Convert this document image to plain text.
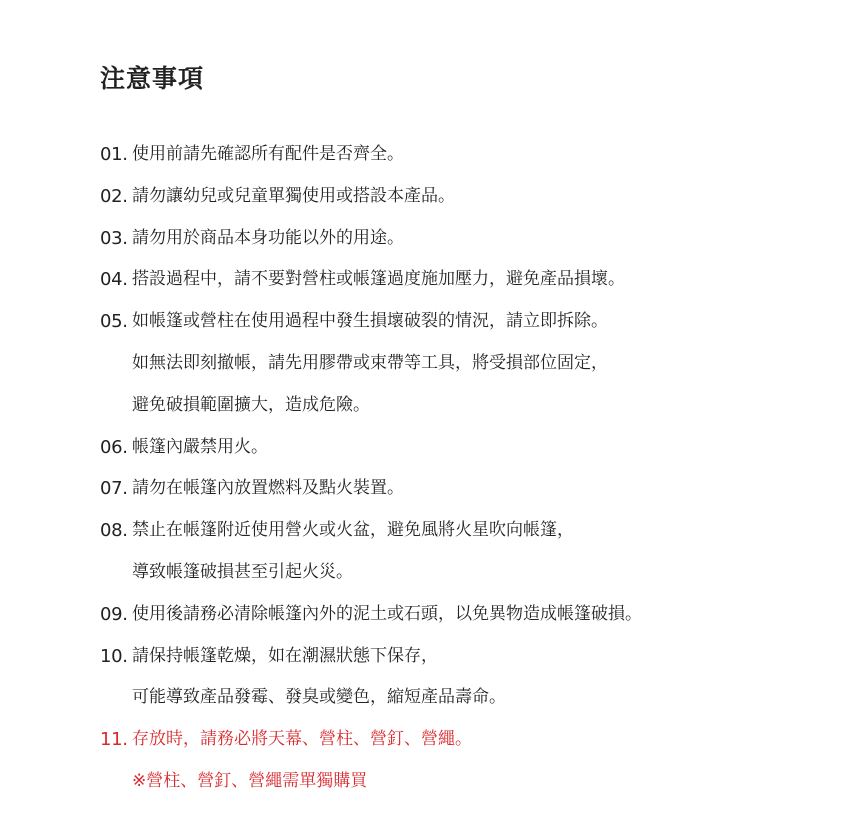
注意事項
01. 使用前請先確認所有配件是否齊全。
02. 請勿讓幼兒或兒童單獨使用或搭設本產品。
03. 請勿用於商品本身功能以外的用途。
04. 搭設過程中，請不要對營柱或帳篷過度施加壓力，避免產品損壞。
05. 如帳篷或營柱在使用過程中發生損壞破裂的情況，請立即拆除。
如無法即刻撤帳，請先用膠帶或束帶等工具，將受損部位固定，
避免破損範圍擴大，造成危險。
06. 帳篷內嚴禁用火。
07. 請勿在帳篷內放置燃料及點火裝置。
08. 禁止在帳篷附近使用營火或火盆，避免風將火星吹向帳篷，
導致帳篷破損甚至引起火災。
09. 使用後請務必清除帳篷內外的泥土或石頭，以免異物造成帳篷破損。
10. 請保持帳篷乾燥，如在潮濕狀態下保存，
可能導致產品發霉、發臭或變色，縮短產品壽命。
11. 存放時，請務必將天幕、營柱、營釘、營繩。
※營柱、營釘、營繩需單獨購買
